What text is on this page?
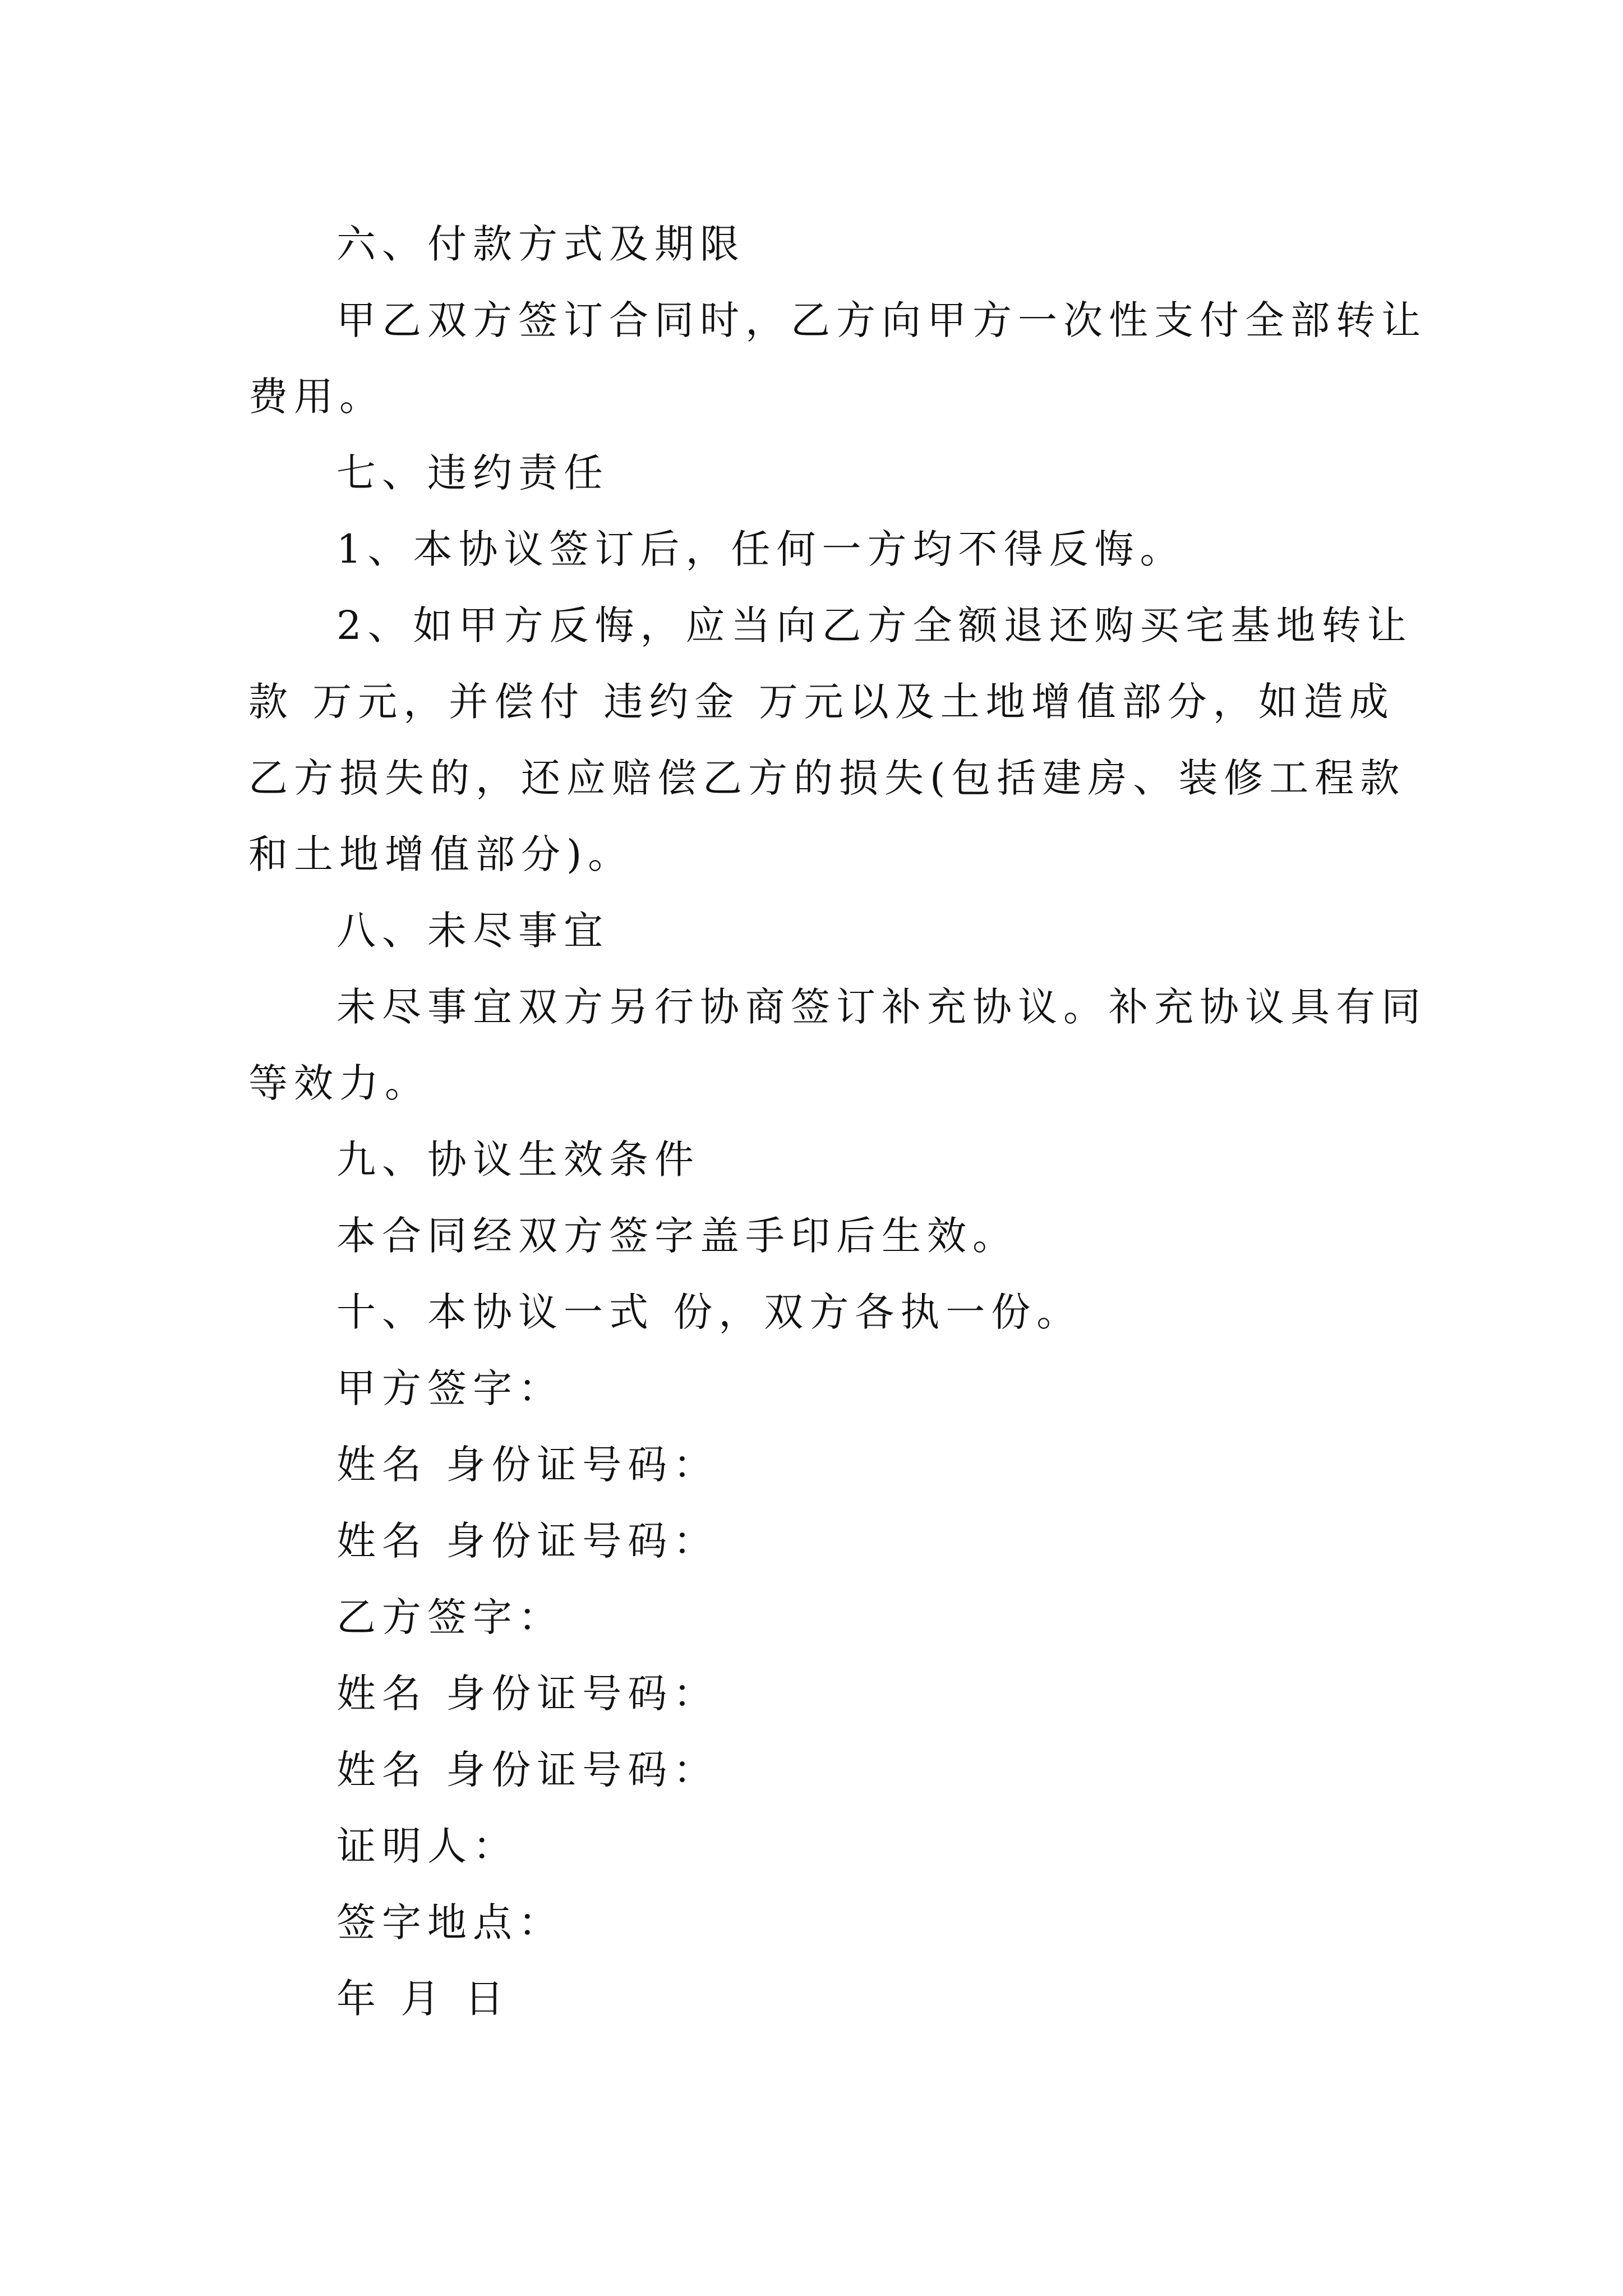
六、付款方式及期限
甲乙双方签订合同时，乙方向甲方一次性支付全部转让
费用。
七、违约责任
1、本协议签订后，任何一方均不得反悔。
2、如甲方反悔，应当向乙方全额退还购买宅基地转让
款 万元，并偿付 违约金 万元以及土地增值部分，如造成
乙方损失的，还应赔偿乙方的损失(包括建房、装修工程款
和土地增值部分)。
八、未尽事宜
未尽事宜双方另行协商签订补充协议。补充协议具有同
等效力。
九、协议生效条件
本合同经双方签字盖手印后生效。
十、本协议一式 份，双方各执一份。
甲方签字：
姓名 身份证号码：
姓名 身份证号码：
乙方签字：
姓名 身份证号码：
姓名 身份证号码：
证明人：
签字地点：
年 月 日
